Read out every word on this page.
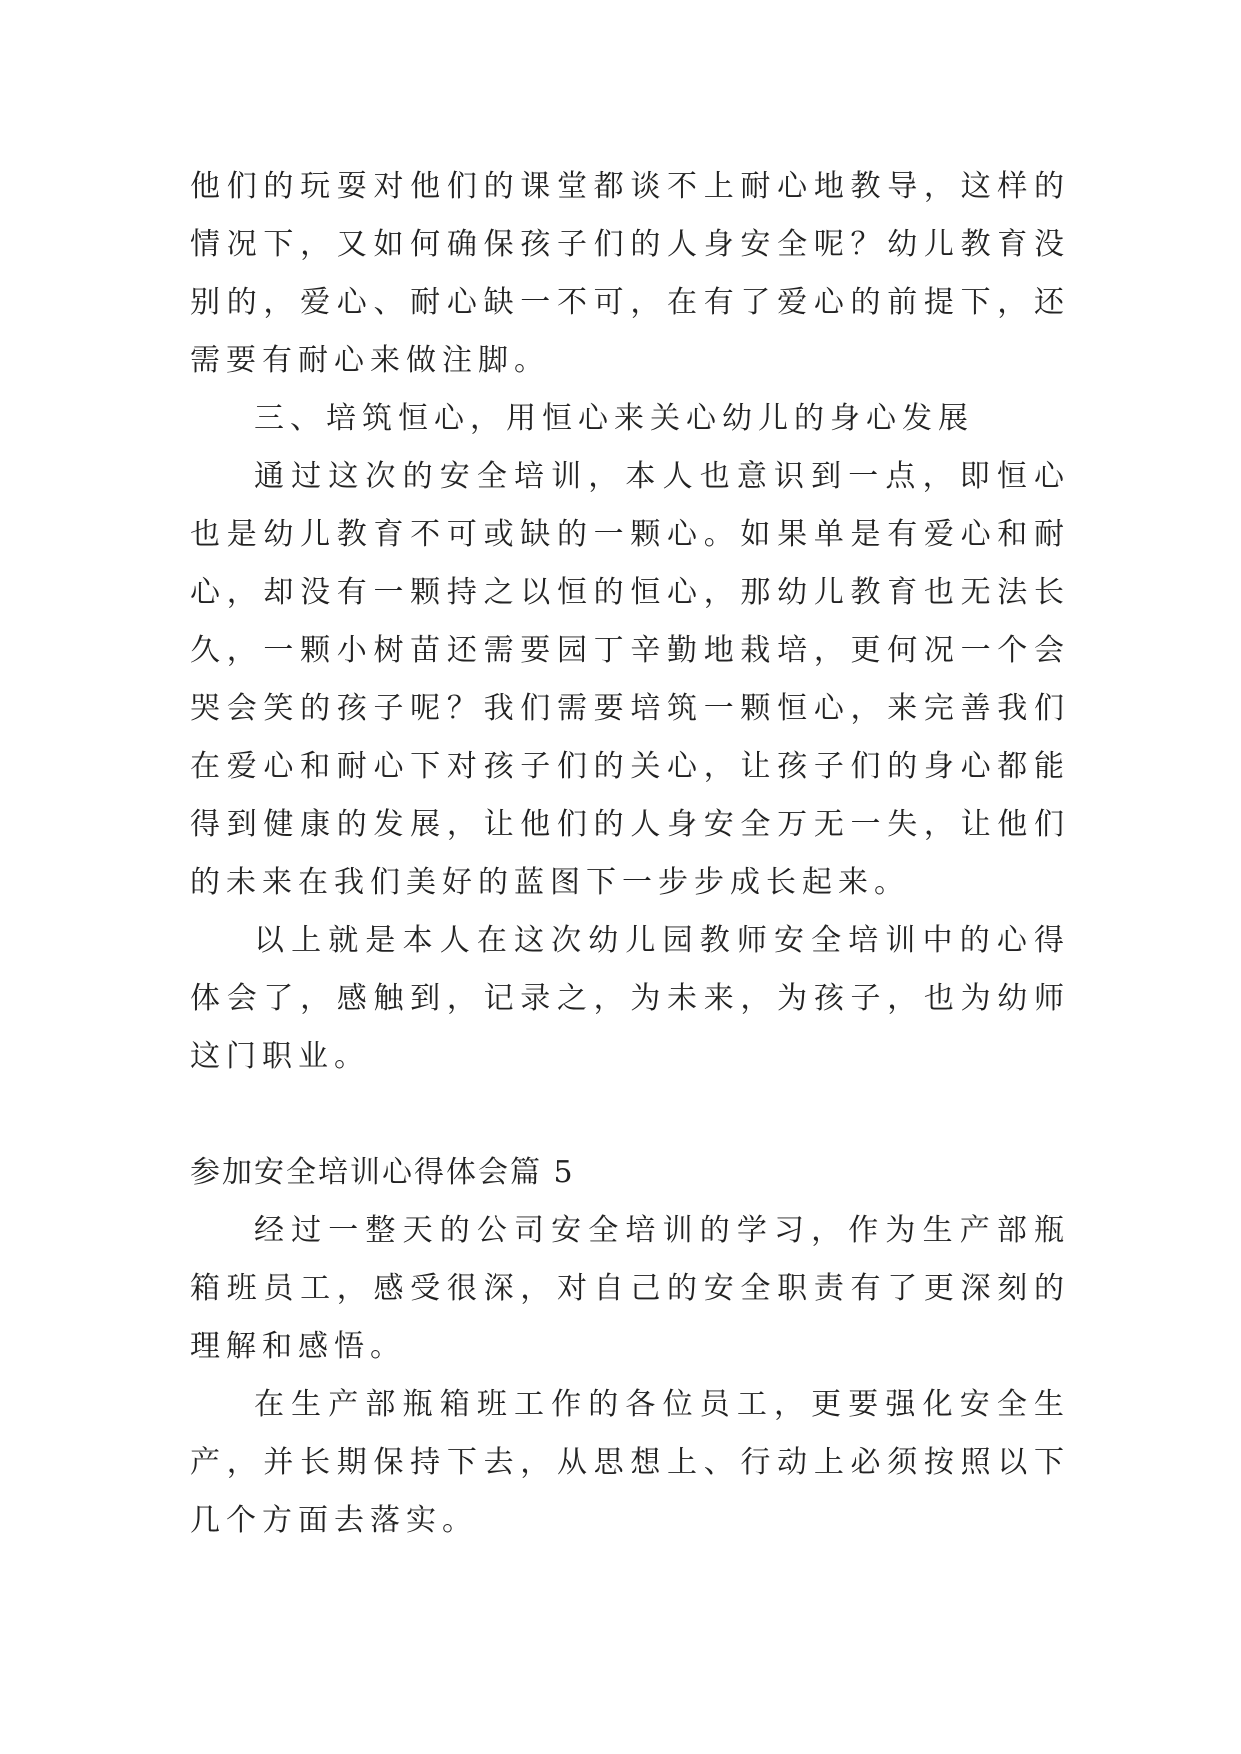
他们的玩耍对他们的课堂都谈不上耐心地教导，这样的情况下，又如何确保孩子们的人身安全呢？幼儿教育没别的，爱心、耐心缺一不可，在有了爱心的前提下，还需要有耐心来做注脚。

三、培筑恒心，用恒心来关心幼儿的身心发展

通过这次的安全培训，本人也意识到一点，即恒心也是幼儿教育不可或缺的一颗心。如果单是有爱心和耐心，却没有一颗持之以恒的恒心，那幼儿教育也无法长久，一颗小树苗还需要园丁辛勤地栽培，更何况一个会哭会笑的孩子呢？我们需要培筑一颗恒心，来完善我们在爱心和耐心下对孩子们的关心，让孩子们的身心都能得到健康的发展，让他们的人身安全万无一失，让他们的未来在我们美好的蓝图下一步步成长起来。

以上就是本人在这次幼儿园教师安全培训中的心得体会了，感触到，记录之，为未来，为孩子，也为幼师这门职业。

参加安全培训心得体会篇 5

经过一整天的公司安全培训的学习，作为生产部瓶箱班员工，感受很深，对自己的安全职责有了更深刻的理解和感悟。

在生产部瓶箱班工作的各位员工，更要强化安全生产，并长期保持下去，从思想上、行动上必须按照以下几个方面去落实。
